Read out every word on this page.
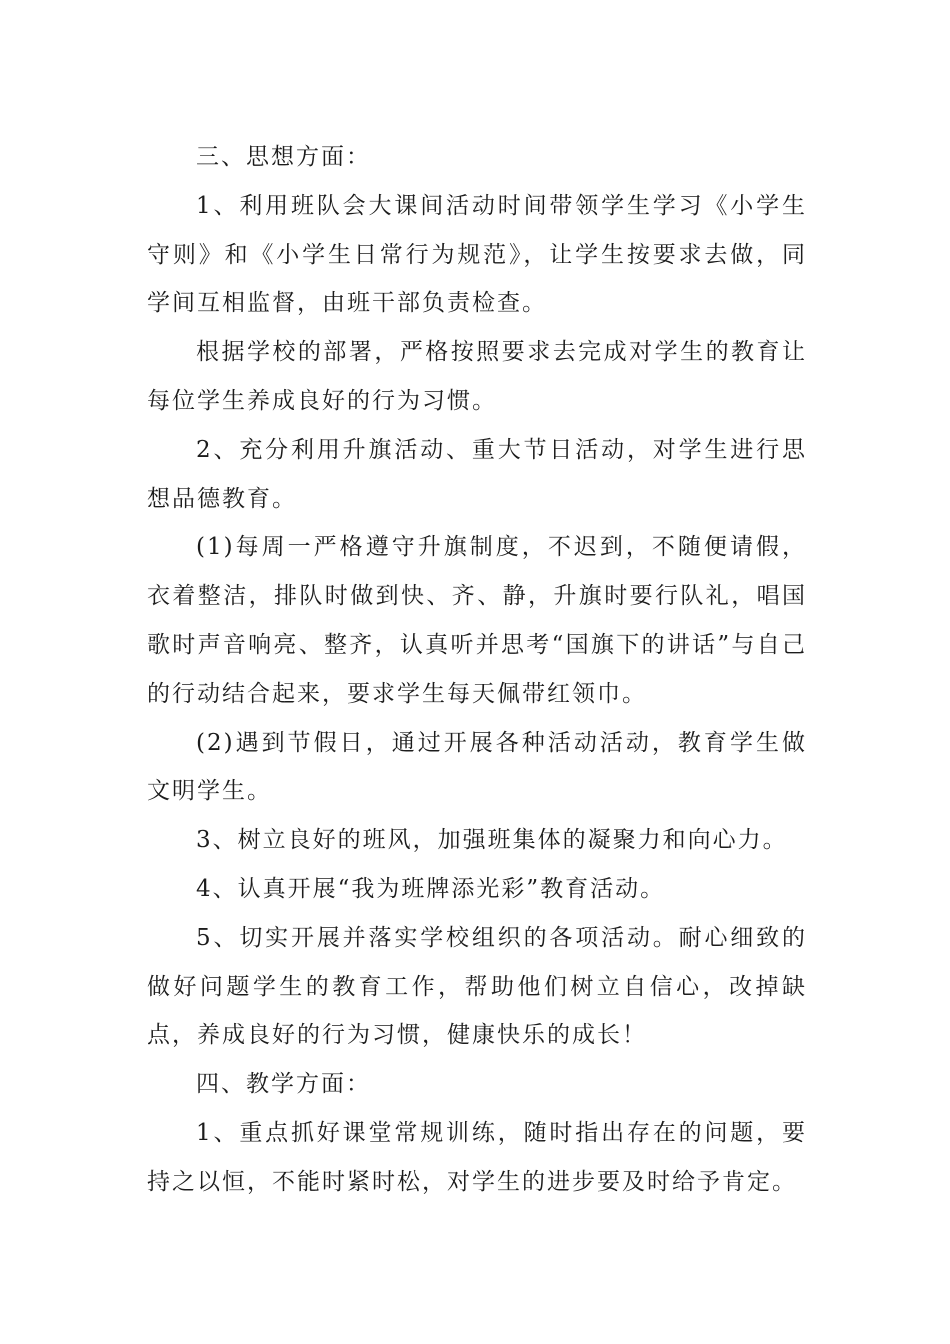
三、思想方面：

1、利用班队会大课间活动时间带领学生学习《小学生守则》和《小学生日常行为规范》，让学生按要求去做，同学间互相监督，由班干部负责检查。

根据学校的部署，严格按照要求去完成对学生的教育让每位学生养成良好的行为习惯。

2、充分利用升旗活动、重大节日活动，对学生进行思想品德教育。

(1)每周一严格遵守升旗制度，不迟到，不随便请假，衣着整洁，排队时做到快、齐、静，升旗时要行队礼，唱国歌时声音响亮、整齐，认真听并思考“国旗下的讲话”与自己的行动结合起来，要求学生每天佩带红领巾。

(2)遇到节假日，通过开展各种活动活动，教育学生做文明学生。

3、树立良好的班风，加强班集体的凝聚力和向心力。

4、认真开展“我为班牌添光彩”教育活动。

5、切实开展并落实学校组织的各项活动。耐心细致的做好问题学生的教育工作，帮助他们树立自信心，改掉缺点，养成良好的行为习惯，健康快乐的成长！

四、教学方面：

1、重点抓好课堂常规训练，随时指出存在的问题，要持之以恒，不能时紧时松，对学生的进步要及时给予肯定。
